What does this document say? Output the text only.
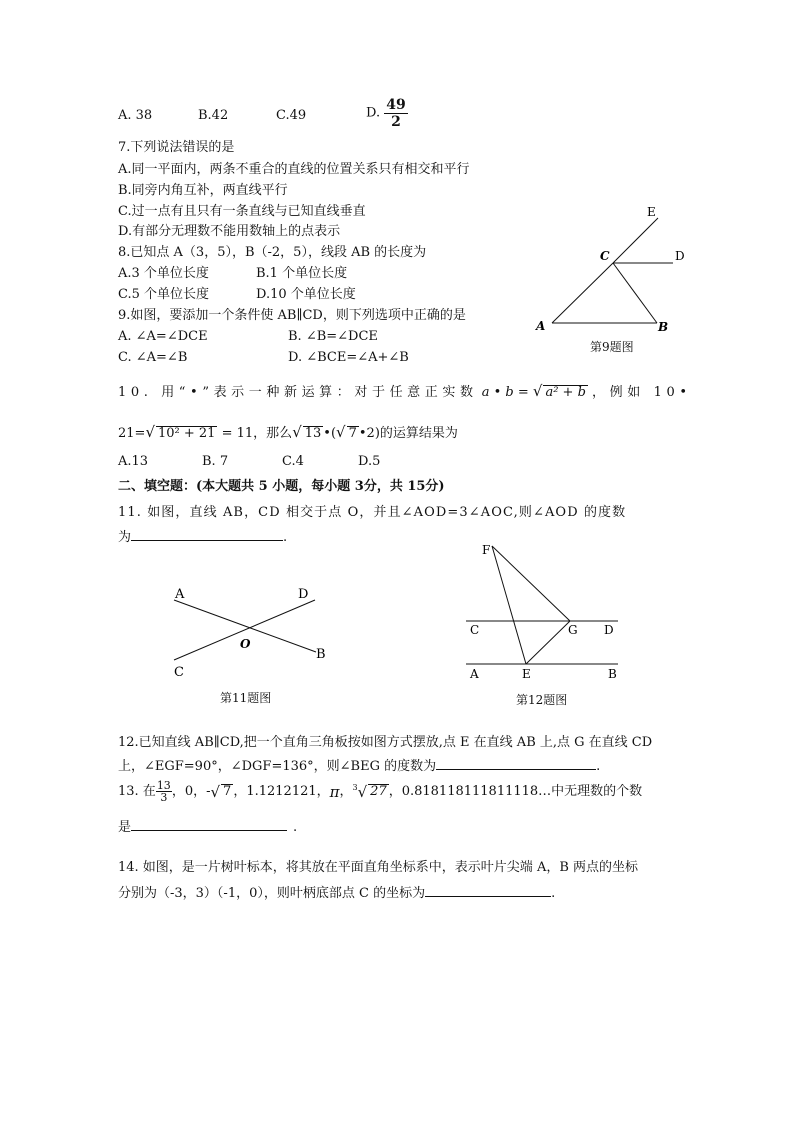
A. 38	B.42	C.49	D. $\frac{49}{2}$
7.下列说法错误的是
A.同一平面内，两条不重合的直线的位置关系只有相交和平行
B.同旁内角互补，两直线平行
C.过一点有且只有一条直线与已知直线垂直
D.有部分无理数不能用数轴上的点表示
8.已知点 A（3，5），B（-2，5），线段 AB 的长度为
A.3 个单位长度	B.1 个单位长度
C.5 个单位长度	D.10 个单位长度
9.如图，要添加一个条件使 AB∥CD，则下列选项中正确的是
A. ∠A=∠DCE	B. ∠B=∠DCE
C. ∠A=∠B	D. ∠BCE=∠A+∠B
E
C	D
A	B
第9题图
10. 用“•”表示一种新运算：对于任意正实数 a • b = √ a² + b ，例如 10•
21=√ 10² + 21 = 11，那么√ 13 •(√ 7 •2)的运算结果为
A.13	B. 7	C.4	D.5
二、填空题：(本大题共 5 小题，每小题 3分，共 15分)
11. 如图，直线 AB，CD 相交于点 O，并且∠AOD=3∠AOC,则∠AOD 的度数
为	.
A	D
O
B
C
第11题图
F
C	G D
A	E	B
第12题图
12.已知直线 AB∥CD,把一个直角三角板按如图方式摆放,点 E 在直线 AB 上,点 G 在直线 CD
上，∠EGF=90°，∠DGF=136°，则∠BEG 的度数为	.
13. 在 $\frac{13}{3}$ ，0，-√ 7 ，1.1212121，π，$^3$√ 27 ，0.818118111811118…中无理数的个数
是	.
14. 如图，是一片树叶标本，将其放在平面直角坐标系中，表示叶片尖端 A，B 两点的坐标
分别为（-3，3）（-1，0），则叶柄底部点 C 的坐标为	.
